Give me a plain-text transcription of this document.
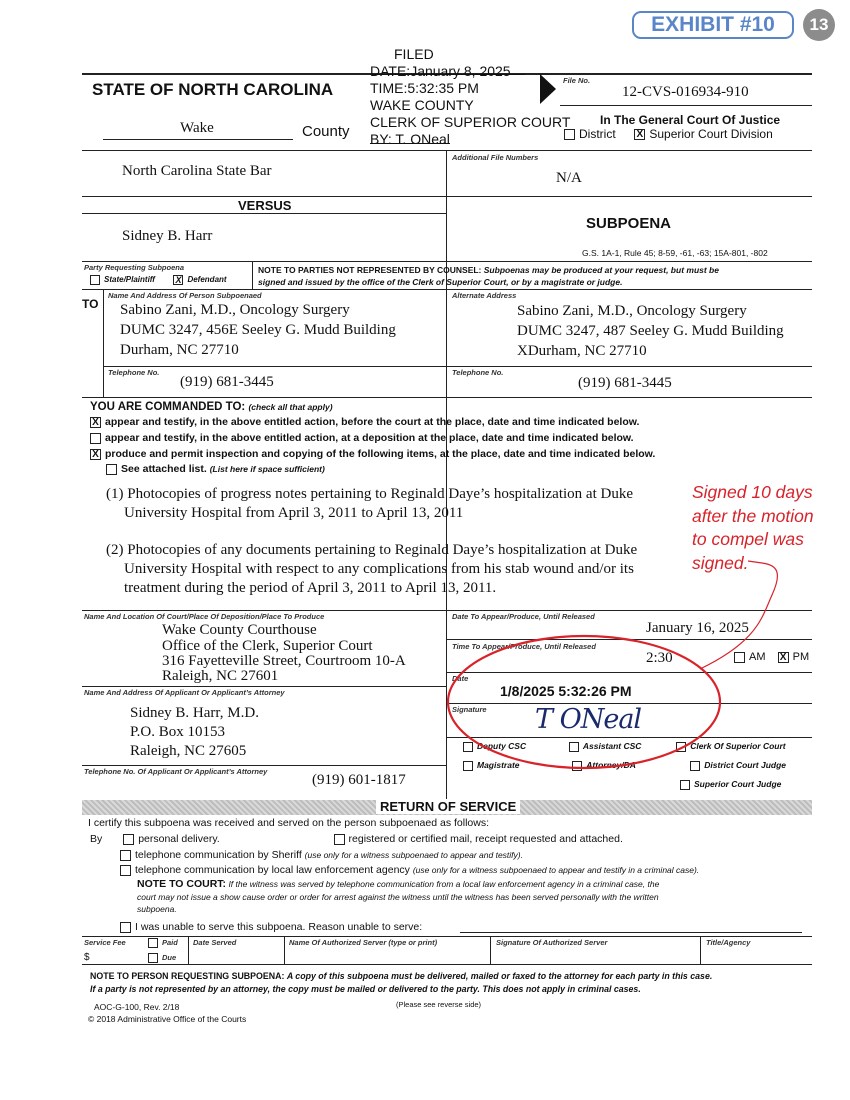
EXHIBIT #10	13
STATE OF NORTH CAROLINA
Wake	County
File No.
12-CVS-016934-910
In The General Court Of Justice
District X Superior Court Division
Additional File Numbers
N/A
North Carolina State Bar
VERSUS
Sidney B. Harr
SUBPOENA
G.S. 1A-1, Rule 45; 8-59, -61, -63; 15A-801, -802
Party Requesting Subpoena
State/Plaintiff X Defendant
NOTE TO PARTIES NOT REPRESENTED BY COUNSEL: Subpoenas may be produced at your request, but must be
signed and issued by the office of the Clerk of Superior Court, or by a magistrate or judge.
TO
Name And Address Of Person Subpoenaed
Sabino Zani, M.D., Oncology Surgery
DUMC 3247, 456E Seeley G. Mudd Building
Durham, NC 27710
Alternate Address
Sabino Zani, M.D., Oncology Surgery
DUMC 3247, 487 Seeley G. Mudd Building
XDurham, NC 27710
Telephone No.
(919) 681-3445
Telephone No.
(919) 681-3445
YOU ARE COMMANDED TO: (check all that apply)
X appear and testify, in the above entitled action, before the court at the place, date and time indicated below.
appear and testify, in the above entitled action, at a deposition at the place, date and time indicated below.
X produce and permit inspection and copying of the following items, at the place, date and time indicated below.
See attached list. (List here if space sufficient)
(1) Photocopies of progress notes pertaining to Reginald Daye’s hospitalization at Duke
University Hospital from April 3, 2011 to April 13, 2011
(2) Photocopies of any documents pertaining to Reginald Daye’s hospitalization at Duke
University Hospital with respect to any complications from his stab wound and/or its
treatment during the period of April 3, 2011 to April 13, 2011.
Signed 10 days
after the motion
to compel was
signed.
Name And Location Of Court/Place Of Deposition/Place To Produce
Wake County Courthouse
Office of the Clerk, Superior Court
316 Fayetteville Street, Courtroom 10-A
Raleigh, NC 27601
Date To Appear/Produce, Until Released
January 16, 2025
Time To Appear/Produce, Until Released
2:30	AM X PM
Name And Address Of Applicant Or Applicant’s Attorney
Sidney B. Harr, M.D.
P.O. Box 10153
Raleigh, NC 27605
Telephone No. Of Applicant Or Applicant’s Attorney
(919) 601-1817
Date
1/8/2025 5:32:26 PM
Signature T ONeal
Deputy CSC	Assistant CSC	Clerk Of Superior Court
Magistrate	Attorney/DA	District Court Judge
Superior Court Judge
RETURN OF SERVICE
I certify this subpoena was received and served on the person subpoenaed as follows:
By	personal delivery.	registered or certified mail, receipt requested and attached.
telephone communication by Sheriff (use only for a witness subpoenaed to appear and testify).
telephone communication by local law enforcement agency (use only for a witness subpoenaed to appear and testify in a criminal case).
NOTE TO COURT: If the witness was served by telephone communication from a local law enforcement agency in a criminal case, the
court may not issue a show cause order or order for arrest against the witness until the witness has been served personally with the written
subpoena.
I was unable to serve this subpoena. Reason unable to serve:
Service Fee
$
Paid
Due
Date Served	Name Of Authorized Server (type or print)	Signature Of Authorized Server	Title/Agency
NOTE TO PERSON REQUESTING SUBPOENA: A copy of this subpoena must be delivered, mailed or faxed to the attorney for each party in this case.
If a party is not represented by an attorney, the copy must be mailed or delivered to the party. This does not apply in criminal cases.
AOC-G-100, Rev. 2/18	(Please see reverse side)
© 2018 Administrative Office of the Courts
FILED
DATE:January 8, 2025
TIME:5:32:35 PM
WAKE COUNTY
CLERK OF SUPERIOR COURT
BY: T. ONeal
